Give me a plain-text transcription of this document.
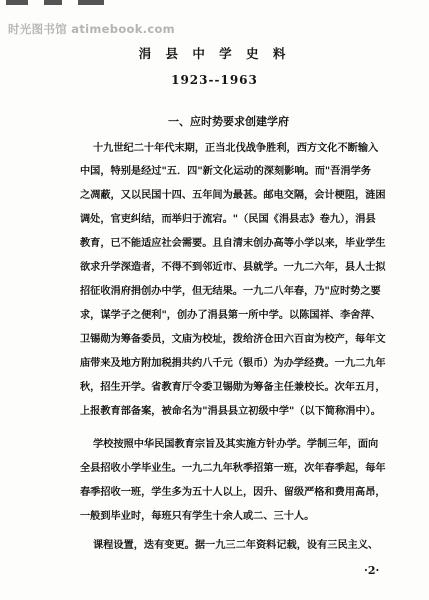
时光图书馆 atimebook.com
涓 县 中 学 史 料
1923--1963
一、应时势要求创建学府
十九世纪二十年代末期，正当北伐战争胜利，西方文化不断输入
中国，特别是经过"五．四"新文化运动的深刻影响。而"吾涓学务
之凋蔽，又以民国十四、五年间为最甚。邮电交隔，会计梗阻，涟困
调处，官吏纠结，而举归于流宕。"（民国《涓县志》卷九），涓县
教育，已不能适应社会需要。且自清末创办高等小学以来，毕业学生
欲求升学深造者，不得不到邻近市、县就学。一九二六年，县人士拟
招征收涓府捐创办中学，但无结果。一九二八年春，乃"应时势之要
求，谋学子之便利"，创办了涓县第一所中学。以陈国祥、李舍萍、
卫锡勋为筹备委员，文庙为校址，拨给济仓田六百亩为校产，每年文
庙带来及地方附加税捐共约八千元（银币）为办学经费。一九二九年
秋，招生开学。省教育厅令委卫锡勋为筹备主任兼校长。次年五月，
上报教育部备案，被命名为"涓县县立初级中学"（以下简称涓中）。
学校按照中华民国教育宗旨及其实施方针办学。学制三年，面向
全县招收小学毕业生。一九二九年秋季招第一班，次年春季起，每年
春季招收一班，学生多为五十人以上，因升、留级严格和费用高昂，
一般到毕业时，每班只有学生十余人或二、三十人。
课程设置，迭有变更。据一九三二年资料记载，设有三民主义、
·2·
